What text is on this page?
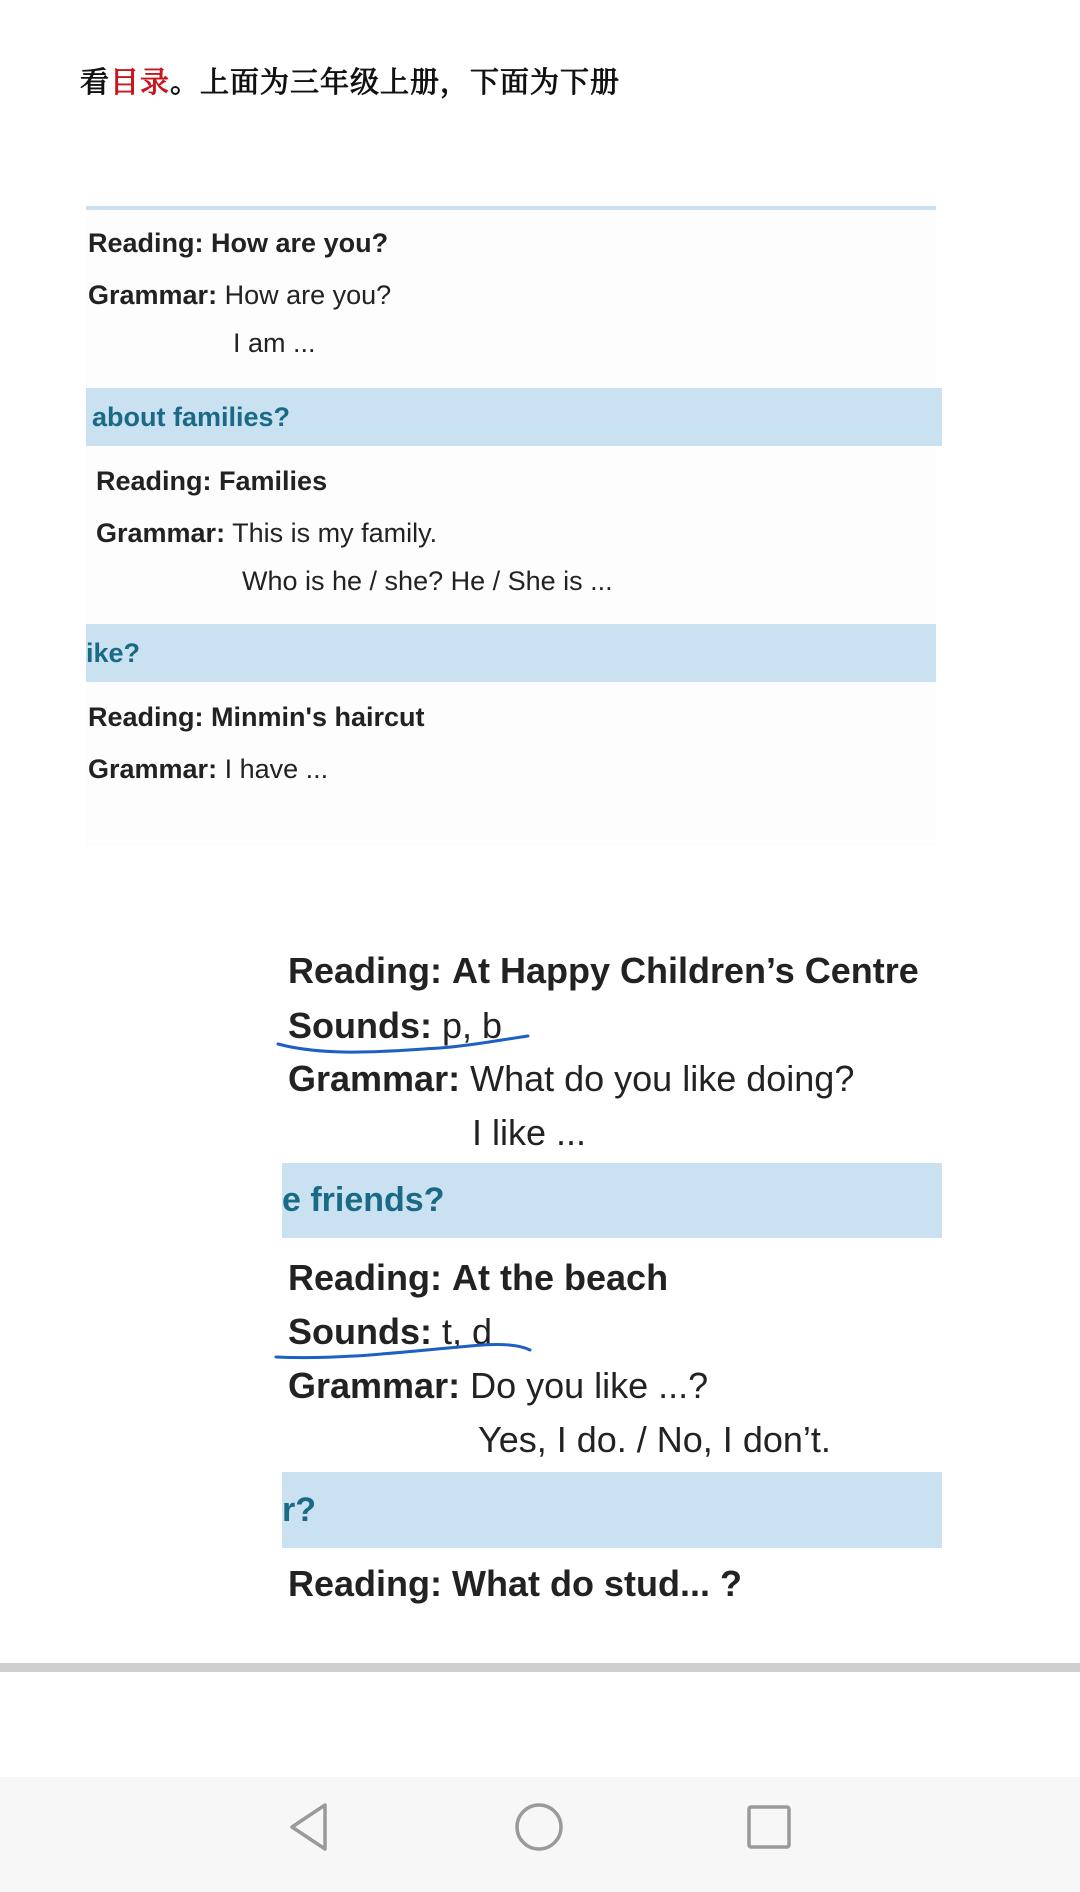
看目录。上面为三年级上册，下面为下册
Reading: How are you?
Grammar: How are you?
I am ...
about families?
Reading: Families
Grammar: This is my family.
Who is he / she? He / She is ...
ike?
Reading: Minmin's haircut
Grammar: I have ...
Reading: At Happy Children’s Centre
Sounds: p, b
Grammar: What do you like doing?
I like ...
e friends?
Reading: At the beach
Sounds: t, d
Grammar: Do you like ...?
Yes, I do. / No, I don’t.
r?
Reading: What do stud... ?
